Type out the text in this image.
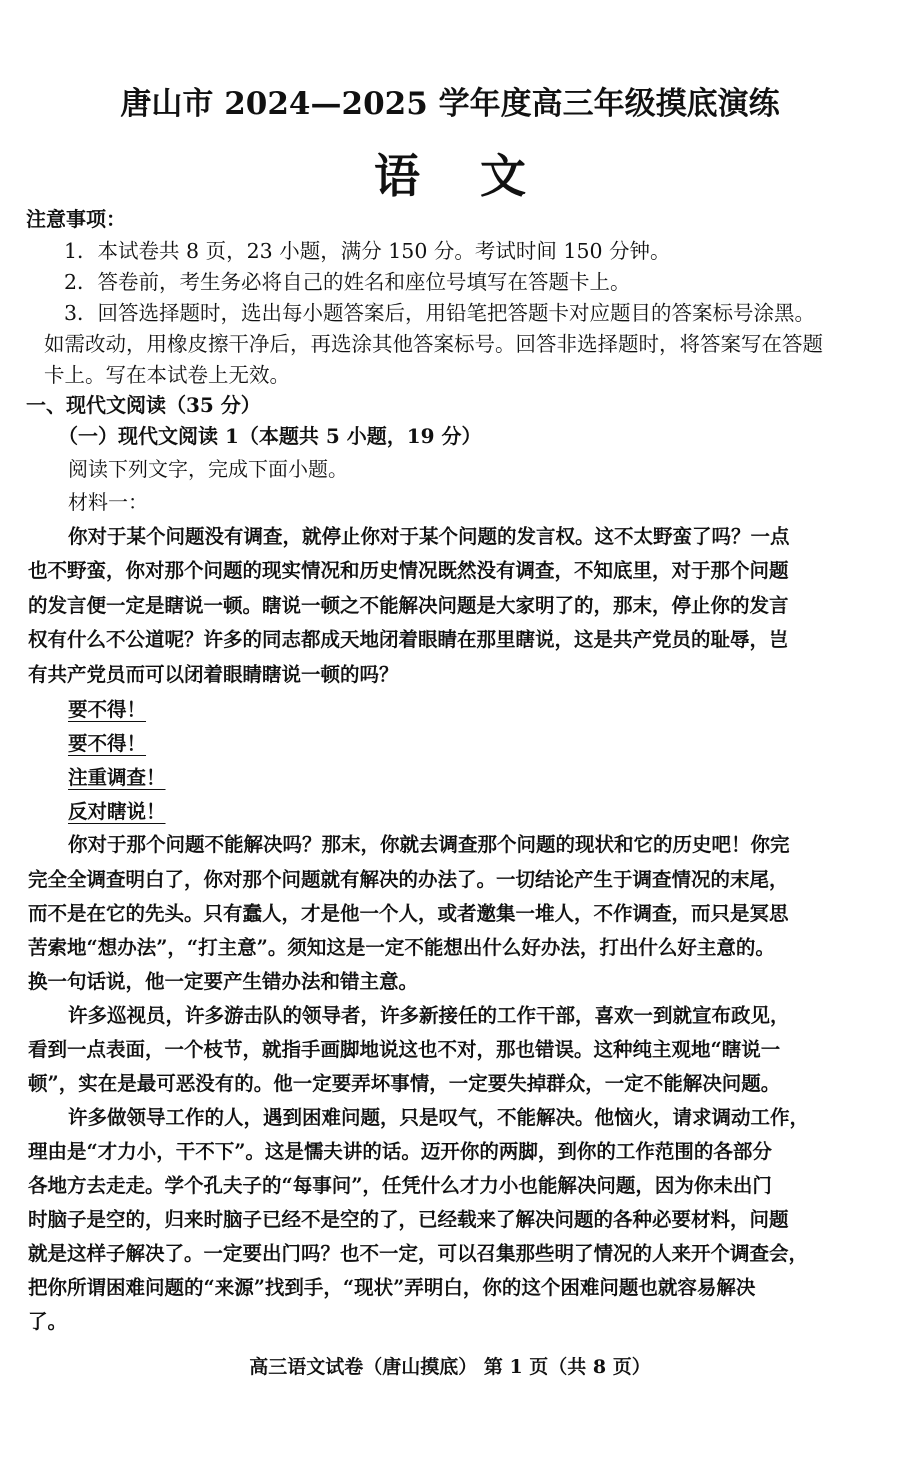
唐山市 2024—2025 学年度高三年级摸底演练
语文
注意事项：
1．本试卷共 8 页，23 小题，满分 150 分。考试时间 150 分钟。
2．答卷前，考生务必将自己的姓名和座位号填写在答题卡上。
3．回答选择题时，选出每小题答案后，用铅笔把答题卡对应题目的答案标号涂黑。
如需改动，用橡皮擦干净后，再选涂其他答案标号。回答非选择题时，将答案写在答题
卡上。写在本试卷上无效。
一、现代文阅读（35 分）
（一）现代文阅读 1（本题共 5 小题，19 分）
阅读下列文字，完成下面小题。
材料一：
你对于某个问题没有调查，就停止你对于某个问题的发言权。这不太野蛮了吗？一点
也不野蛮，你对那个问题的现实情况和历史情况既然没有调查，不知底里，对于那个问题
的发言便一定是瞎说一顿。瞎说一顿之不能解决问题是大家明了的，那末，停止你的发言
权有什么不公道呢？许多的同志都成天地闭着眼睛在那里瞎说，这是共产党员的耻辱，岂
有共产党员而可以闭着眼睛瞎说一顿的吗？
要不得！
要不得！
注重调查！
反对瞎说！
你对于那个问题不能解决吗？那末，你就去调查那个问题的现状和它的历史吧！你完
完全全调查明白了，你对那个问题就有解决的办法了。一切结论产生于调查情况的末尾，
而不是在它的先头。只有蠢人，才是他一个人，或者邀集一堆人，不作调查，而只是冥思
苦索地“想办法”，“打主意”。须知这是一定不能想出什么好办法，打出什么好主意的。
换一句话说，他一定要产生错办法和错主意。
许多巡视员，许多游击队的领导者，许多新接任的工作干部，喜欢一到就宣布政见，
看到一点表面，一个枝节，就指手画脚地说这也不对，那也错误。这种纯主观地“瞎说一
顿”，实在是最可恶没有的。他一定要弄坏事情，一定要失掉群众，一定不能解决问题。
许多做领导工作的人，遇到困难问题，只是叹气，不能解决。他恼火，请求调动工作，
理由是“才力小，干不下”。这是懦夫讲的话。迈开你的两脚，到你的工作范围的各部分
各地方去走走。学个孔夫子的“每事问”，任凭什么才力小也能解决问题，因为你未出门
时脑子是空的，归来时脑子已经不是空的了，已经载来了解决问题的各种必要材料，问题
就是这样子解决了。一定要出门吗？也不一定，可以召集那些明了情况的人来开个调查会，
把你所谓困难问题的“来源”找到手，“现状”弄明白，你的这个困难问题也就容易解决
了。
高三语文试卷（唐山摸底） 第 1 页（共 8 页）
